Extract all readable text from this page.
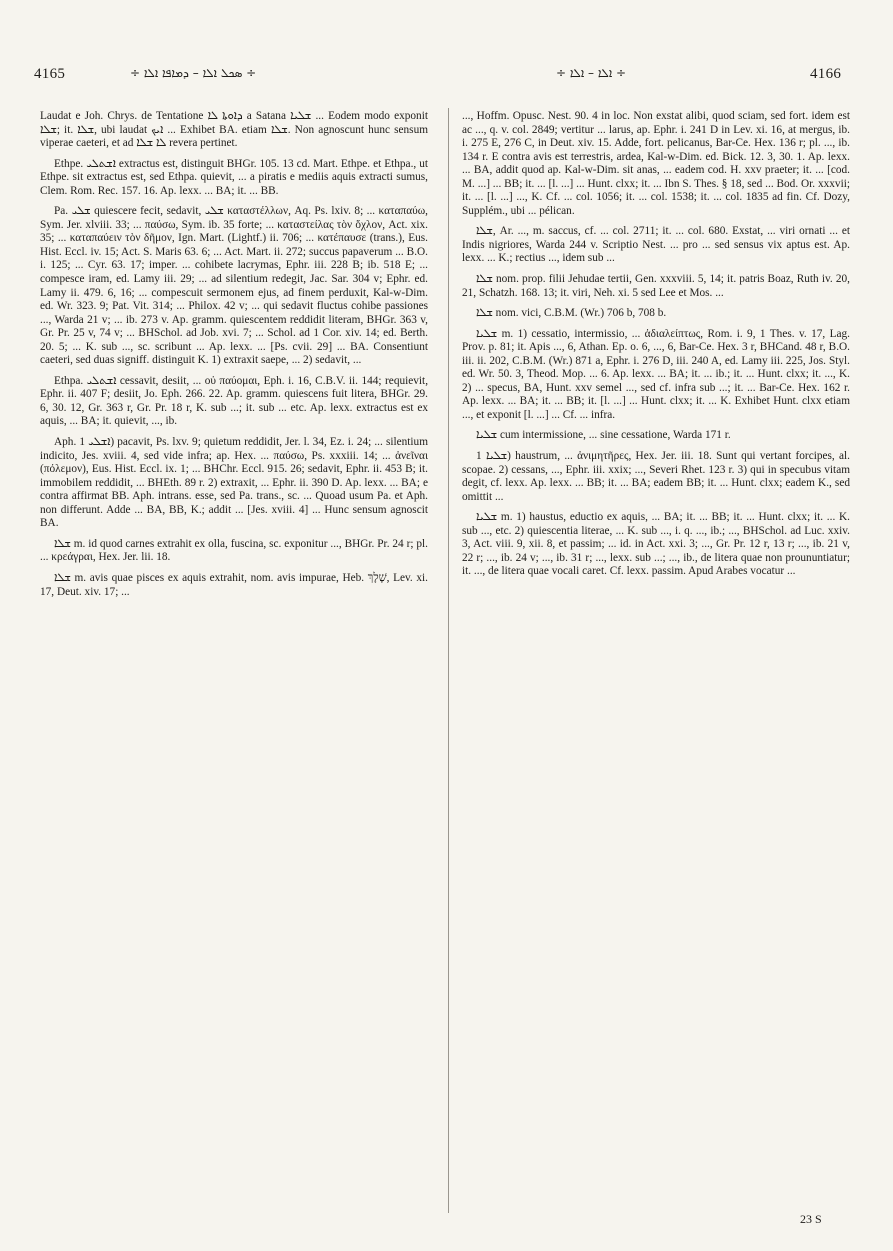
4165	÷ ܣܟܠ ܐܠܐ – ܕܡܐܦܐ ܐܠܐ ÷	÷ ܐܠܐ – ܐܠܐ ÷	4166

Laudat e Joh. Chrys. de Tentatione ܕܐܘܬܐ ܠܐ a Satana ܫܠܝܐ ... Eodem modo exponit ܫܠܐ; it. ܫܠܐ, ubi laudat ܐܝܟ ... Exhibet BA. etiam ܫܠܐ. Non agnoscunt hunc sensum viperae caeteri, et ad ܠܐ ܫܠܐ revera pertinet.

Ethpe. ܐܫܬܠܝ extractus est, distinguit BHGr. 105. 13 cd. Mart. Ethpe. et Ethpa., ut Ethpe. sit extractus est, sed Ethpa. quievit, ... a piratis e mediis aquis extracti sumus, Clem. Rom. Rec. 157. 16. Ap. lexx. ... BA; it. ... BB.

Pa. ܫܠܝ quiescere fecit, sedavit, ܫܠܝ καταστέλλων, Aq. Ps. lxiv. 8; ... καταπαύω, Sym. Jer. xlviii. 33; ... παύσω, Sym. ib. 35 forte; ... καταστείλας τὸν ὄχλον, Act. xix. 35; ... καταπαύειν τὸν δῆμον, Ign. Mart. (Lightf.) ii. 706; ... κατέπαυσε (trans.), Eus. Hist. Eccl. iv. 15; Act. S. Maris 63. 6; ... Act. Mart. ii. 272; succus papaverum ... B.O. i. 125; ... Cyr. 63. 17; imper. ... cohibete lacrymas, Ephr. iii. 228 B; ib. 518 E; ... compesce iram, ed. Lamy iii. 29; ... ad silentium redegit, Jac. Sar. 304 v; Ephr. ed. Lamy ii. 479. 6, 16; ... compescuit sermonem ejus, ad finem perduxit, Kal-w-Dim. ed. Wr. 323. 9; Pat. Vit. 314; ... Philox. 42 v; ... qui sedavit fluctus cohibe passiones ..., Warda 21 v; ... ib. 273 v. Ap. gramm. quiescentem reddidit literam, BHGr. 363 v, Gr. Pr. 25 v, 74 v; ... BHSchol. ad Job. xvi. 7; ... Schol. ad 1 Cor. xiv. 14; ed. Berth. 20. 5; ... K. sub ..., sc. scribunt ... Ap. lexx. ... [Ps. cvii. 29] ... BA. Consentiunt caeteri, sed duas signiff. distinguit K. 1) extraxit saepe, ... 2) sedavit, ...

Ethpa. ܐܫܬܠܝ cessavit, desiit, ... οὐ παύομαι, Eph. i. 16, C.B.V. ii. 144; requievit, Ephr. ii. 407 F; desiit, Jo. Eph. 266. 22. Ap. gramm. quiescens fuit litera, BHGr. 29. 6, 30. 12, Gr. 363 r, Gr. Pr. 18 r, K. sub ...; it. sub ... etc. Ap. lexx. extractus est ex aquis, ... BA; it. quievit, ..., ib.

Aph. ܐܫܠܝ 1) pacavit, Ps. lxv. 9; quietum reddidit, Jer. l. 34, Ez. i. 24; ... silentium indicito, Jes. xviii. 4, sed vide infra; ap. Hex. ... παύσω, Ps. xxxiii. 14; ... ἀνεῖναι (πόλεμον), Eus. Hist. Eccl. ix. 1; ... BHChr. Eccl. 915. 26; sedavit, Ephr. ii. 453 B; it. immobilem reddidit, ... BHEth. 89 r. 2) extraxit, ... Ephr. ii. 390 D. Ap. lexx. ... BA; e contra affirmat BB. Aph. intrans. esse, sed Pa. trans., sc. ... Quoad usum Pa. et Aph. non differunt. Adde ... BA, BB, K.; addit ... [Jes. xviii. 4] ... Hunc sensum agnoscit BA.

ܫܠܐ m. id quod carnes extrahit ex olla, fuscina, sc. exponitur ..., BHGr. Pr. 24 r; pl. ... κρεάγραι, Hex. Jer. lii. 18.

ܫܠܐ m. avis quae pisces ex aquis extrahit, nom. avis impurae, Heb. שָׁלָךְ, Lev. xi. 17, Deut. xiv. 17; ...

..., Hoffm. Opusc. Nest. 90. 4 in loc. Non exstat alibi, quod sciam, sed fort. idem est ac ..., q. v. col. 2849; vertitur ... larus, ap. Ephr. i. 241 D in Lev. xi. 16, at mergus, ib. i. 275 E, 276 C, in Deut. xiv. 15. Adde, fort. pelicanus, Bar-Ce. Hex. 136 r; pl. ..., ib. 134 r. E contra avis est terrestris, ardea, Kal-w-Dim. ed. Bick. 12. 3, 30. 1. Ap. lexx. ... BA, addit quod ap. Kal-w-Dim. sit anas, ... eadem cod. H. xxv praeter; it. ... [cod. M. ...] ... BB; it. ... [l. ...] ... Hunt. clxx; it. ... Ibn S. Thes. § 18, sed ... Bod. Or. xxxvii; it. ... [l. ...] ..., K. Cf. ... col. 1056; it. ... col. 1538; it. ... col. 1835 ad fin. Cf. Dozy, Supplém., ubi ... pélican.

ܫܠܐ, Ar. ..., m. saccus, cf. ... col. 2711; it. ... col. 680. Exstat, ... viri ornati ... et Indis nigriores, Warda 244 v. Scriptio Nest. ... pro ... sed sensus vix aptus est. Ap. lexx. ... K.; rectius ..., idem sub ...

ܫܠܐ nom. prop. filii Jehudae tertii, Gen. xxxviii. 5, 14; it. patris Boaz, Ruth iv. 20, 21, Schatzh. 168. 13; it. viri, Neh. xi. 5 sed Lee et Mos. ...

ܫܠܐ nom. vici, C.B.M. (Wr.) 706 b, 708 b.

ܫܠܝܐ m. 1) cessatio, intermissio, ... ἀδιαλείπτως, Rom. i. 9, 1 Thes. v. 17, Lag. Prov. p. 81; it. Apis ..., 6, Athan. Ep. o. 6, ..., 6, Bar-Ce. Hex. 3 r, BHCand. 48 r, B.O. iii. ii. 202, C.B.M. (Wr.) 871 a, Ephr. i. 276 D, iii. 240 A, ed. Lamy iii. 225, Jos. Styl. ed. Wr. 50. 3, Theod. Mop. ... 6. Ap. lexx. ... BA; it. ... ib.; it. ... Hunt. clxx; it. ..., K. 2) ... specus, BA, Hunt. xxv semel ..., sed cf. infra sub ...; it. ... Bar-Ce. Hex. 162 r. Ap. lexx. ... BA; it. ... BB; it. [l. ...] ... Hunt. clxx; it. ... K. Exhibet Hunt. clxx etiam ..., et exponit [l. ...] ... Cf. ... infra.

ܫܠܝܐ cum intermissione, ... sine cessatione, Warda 171 r.

ܫܠܝܐ 1) haustrum, ... ἀνιμητῆρες, Hex. Jer. iii. 18. Sunt qui vertant forcipes, al. scopae. 2) cessans, ..., Ephr. iii. xxix; ..., Severi Rhet. 123 r. 3) qui in specubus vitam degit, cf. lexx. Ap. lexx. ... BB; it. ... BA; eadem BB; it. ... Hunt. clxx; eadem K., sed omittit ...

ܫܠܝܐ m. 1) haustus, eductio ex aquis, ... BA; it. ... BB; it. ... Hunt. clxx; it. ... K. sub ..., etc. 2) quiescentia literae, ... K. sub ..., i. q. ..., ib.; ..., BHSchol. ad Luc. xxiv. 3, Act. viii. 9, xii. 8, et passim; ... id. in Act. xxi. 3; ..., Gr. Pr. 12 r, 13 r; ..., ib. 21 v, 22 r; ..., ib. 24 v; ..., ib. 31 r; ..., lexx. sub ...; ..., ib., de litera quae non proununtiatur; it. ..., de litera quae vocali caret. Cf. lexx. passim. Apud Arabes vocatur ...

23 S
